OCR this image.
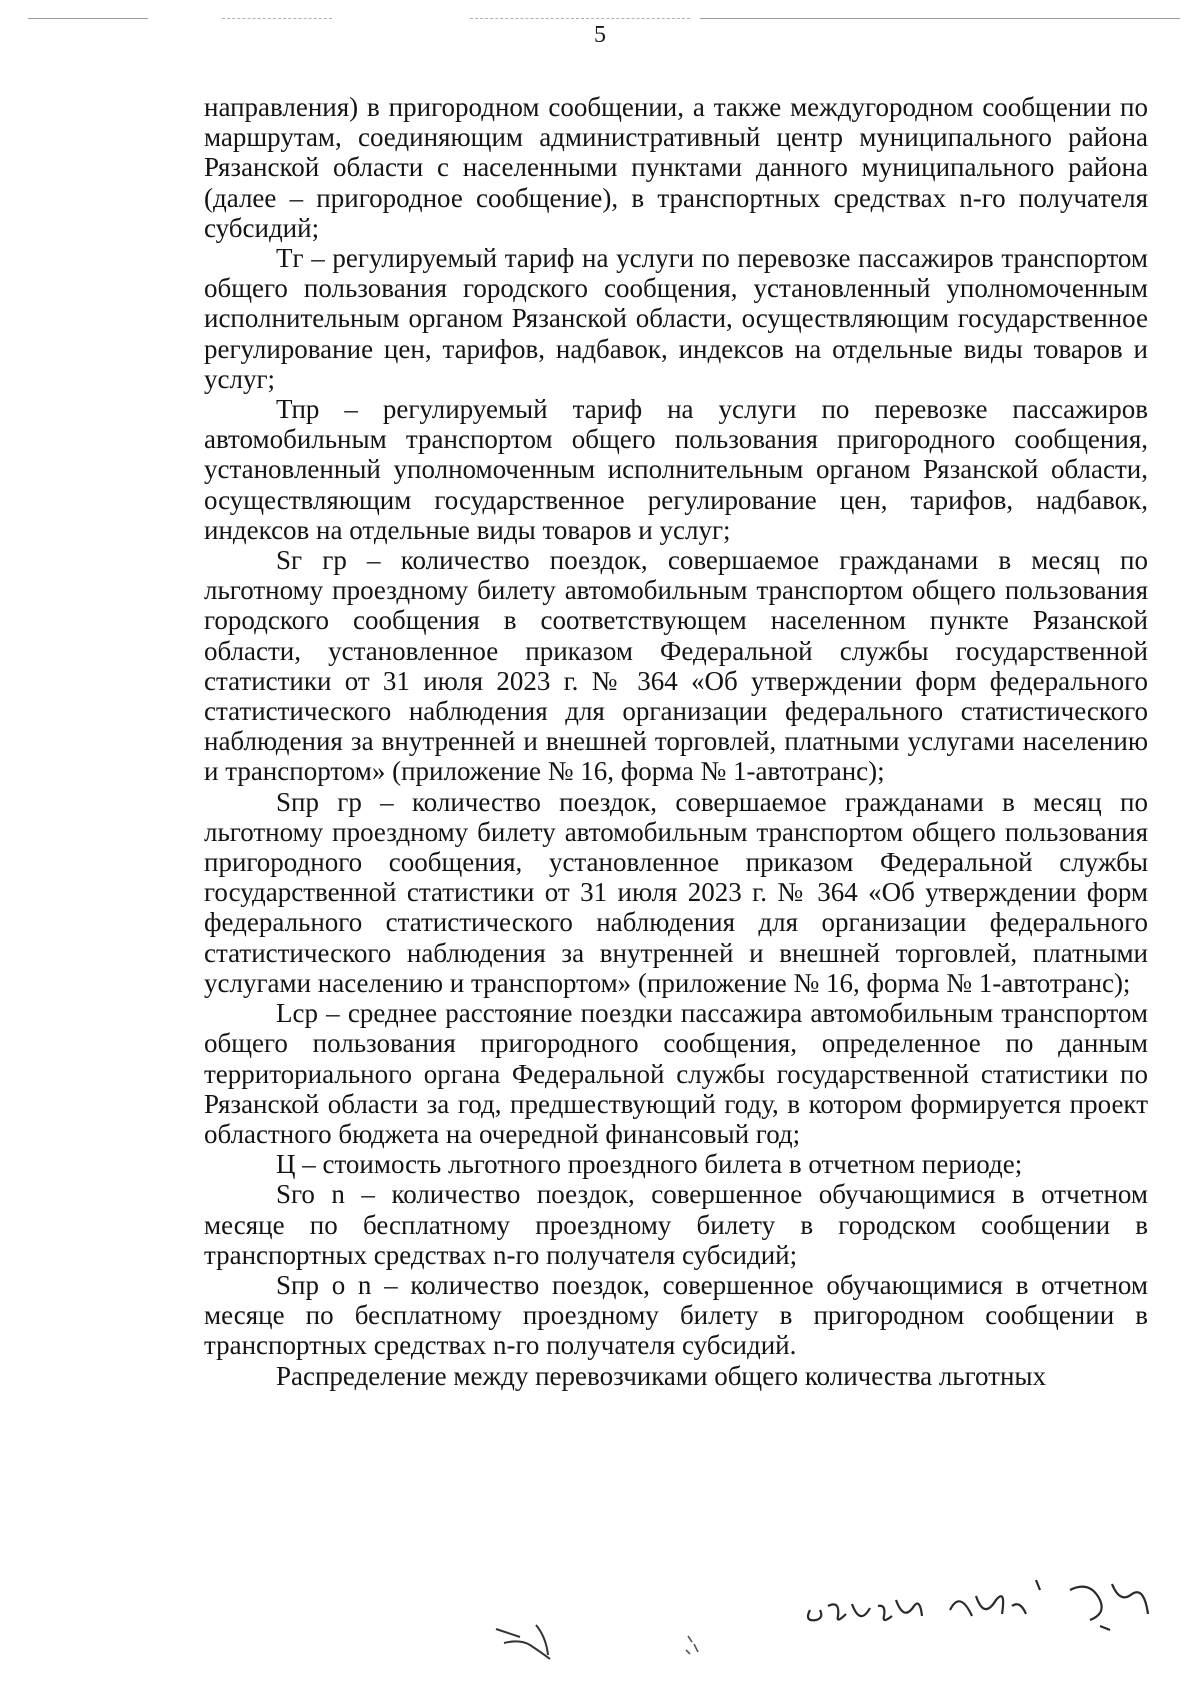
5

направления) в пригородном сообщении, а также междугородном сообщении по маршрутам, соединяющим административный центр муниципального района Рязанской области с населенными пунктами данного муниципального района (далее – пригородное сообщение), в транспортных средствах n-го получателя субсидий;

Тг – регулируемый тариф на услуги по перевозке пассажиров транспортом общего пользования городского сообщения, установленный уполномоченным исполнительным органом Рязанской области, осуществляющим государственное регулирование цен, тарифов, надбавок, индексов на отдельные виды товаров и услуг;

Тпр – регулируемый тариф на услуги по перевозке пассажиров автомобильным транспортом общего пользования пригородного сообщения, установленный уполномоченным исполнительным органом Рязанской области, осуществляющим государственное регулирование цен, тарифов, надбавок, индексов на отдельные виды товаров и услуг;

Sг гр – количество поездок, совершаемое гражданами в месяц по льготному проездному билету автомобильным транспортом общего пользования городского сообщения в соответствующем населенном пункте Рязанской области, установленное приказом Федеральной службы государственной статистики от 31 июля 2023 г. № 364 «Об утверждении форм федерального статистического наблюдения для организации федерального статистического наблюдения за внутренней и внешней торговлей, платными услугами населению и транспортом» (приложение № 16, форма № 1-автотранс);

Sпр гр – количество поездок, совершаемое гражданами в месяц по льготному проездному билету автомобильным транспортом общего пользования пригородного сообщения, установленное приказом Федеральной службы государственной статистики от 31 июля 2023 г. № 364 «Об утверждении форм федерального статистического наблюдения для организации федерального статистического наблюдения за внутренней и внешней торговлей, платными услугами населению и транспортом» (приложение № 16, форма № 1-автотранс);

Lср – среднее расстояние поездки пассажира автомобильным транспортом общего пользования пригородного сообщения, определенное по данным территориального органа Федеральной службы государственной статистики по Рязанской области за год, предшествующий году, в котором формируется проект областного бюджета на очередной финансовый год;

Ц – стоимость льготного проездного билета в отчетном периоде;

Sго n – количество поездок, совершенное обучающимися в отчетном месяце по бесплатному проездному билету в городском сообщении в транспортных средствах n-го получателя субсидий;

Sпр о n – количество поездок, совершенное обучающимися в отчетном месяце по бесплатному проездному билету в пригородном сообщении в транспортных средствах n-го получателя субсидий.

Распределение между перевозчиками общего количества льготных
